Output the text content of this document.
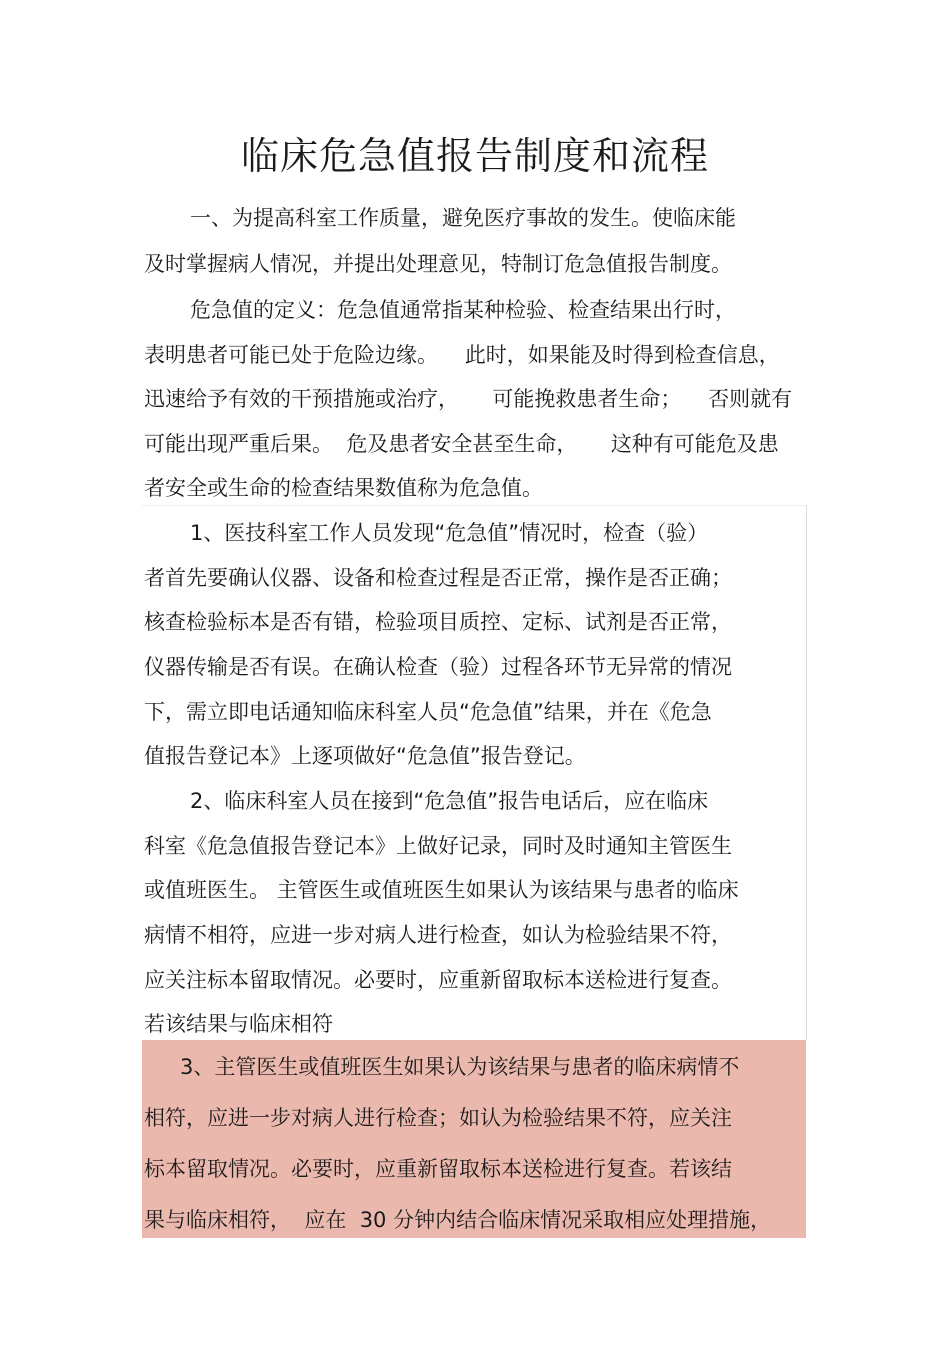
临床危急值报告制度和流程

一、为提高科室工作质量，避免医疗事故的发生。使临床能

及时掌握病人情况，并提出处理意见，特制订危急值报告制度。

危急值的定义：危急值通常指某种检验、检查结果出行时，

表明患者可能已处于危险边缘。    此时，如果能及时得到检查信息，

迅速给予有效的干预措施或治疗，     可能挽救患者生命；    否则就有

可能出现严重后果。  危及患者安全甚至生命，     这种有可能危及患

者安全或生命的检查结果数值称为危急值。

1、医技科室工作人员发现“危急值”情况时，检查（验）

者首先要确认仪器、设备和检查过程是否正常，操作是否正确；

核查检验标本是否有错，检验项目质控、定标、试剂是否正常，

仪器传输是否有误。在确认检查（验）过程各环节无异常的情况

下，需立即电话通知临床科室人员“危急值”结果，并在《危急

值报告登记本》上逐项做好“危急值”报告登记。

2、临床科室人员在接到“危急值”报告电话后，应在临床

科室《危急值报告登记本》上做好记录，同时及时通知主管医生

或值班医生。 主管医生或值班医生如果认为该结果与患者的临床

病情不相符，应进一步对病人进行检查，如认为检验结果不符，

应关注标本留取情况。必要时，应重新留取标本送检进行复查。

若该结果与临床相符

3、主管医生或值班医生如果认为该结果与患者的临床病情不

相符，应进一步对病人进行检查；如认为检验结果不符，应关注

标本留取情况。必要时，应重新留取标本送检进行复查。若该结

果与临床相符，  应在  30 分钟内结合临床情况采取相应处理措施，
